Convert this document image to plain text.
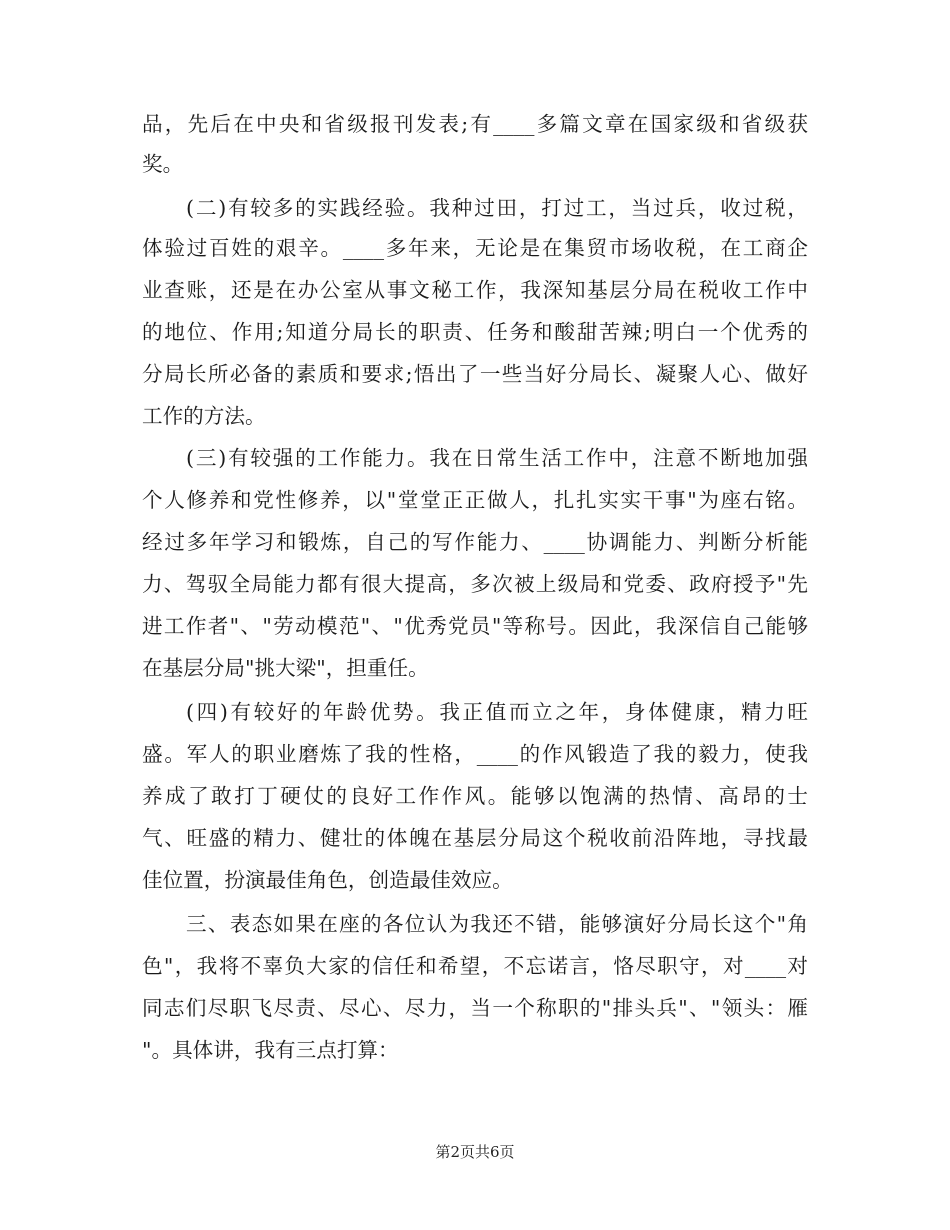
品，先后在中央和省级报刊发表;有____多篇文章在国家级和省级获
奖。
(二)有较多的实践经验。我种过田，打过工，当过兵，收过税，
体验过百姓的艰辛。____多年来，无论是在集贸市场收税，在工商企
业查账，还是在办公室从事文秘工作，我深知基层分局在税收工作中
的地位、作用;知道分局长的职责、任务和酸甜苦辣;明白一个优秀的
分局长所必备的素质和要求;悟出了一些当好分局长、凝聚人心、做好
工作的方法。
(三)有较强的工作能力。我在日常生活工作中，注意不断地加强
个人修养和党性修养，以"堂堂正正做人，扎扎实实干事"为座右铭。
经过多年学习和锻炼，自己的写作能力、____协调能力、判断分析能
力、驾驭全局能力都有很大提高，多次被上级局和党委、政府授予"先
进工作者"、"劳动模范"、"优秀党员"等称号。因此，我深信自己能够
在基层分局"挑大梁"，担重任。
(四)有较好的年龄优势。我正值而立之年，身体健康，精力旺
盛。军人的职业磨炼了我的性格，____的作风锻造了我的毅力，使我
养成了敢打丁硬仗的良好工作作风。能够以饱满的热情、高昂的士
气、旺盛的精力、健壮的体魄在基层分局这个税收前沿阵地，寻找最
佳位置，扮演最佳角色，创造最佳效应。
三、表态如果在座的各位认为我还不错，能够演好分局长这个"角
色"，我将不辜负大家的信任和希望，不忘诺言，恪尽职守，对____对
同志们尽职飞尽责、尽心、尽力，当一个称职的"排头兵"、"领头：雁
"。具体讲，我有三点打算：
第2页共6页
